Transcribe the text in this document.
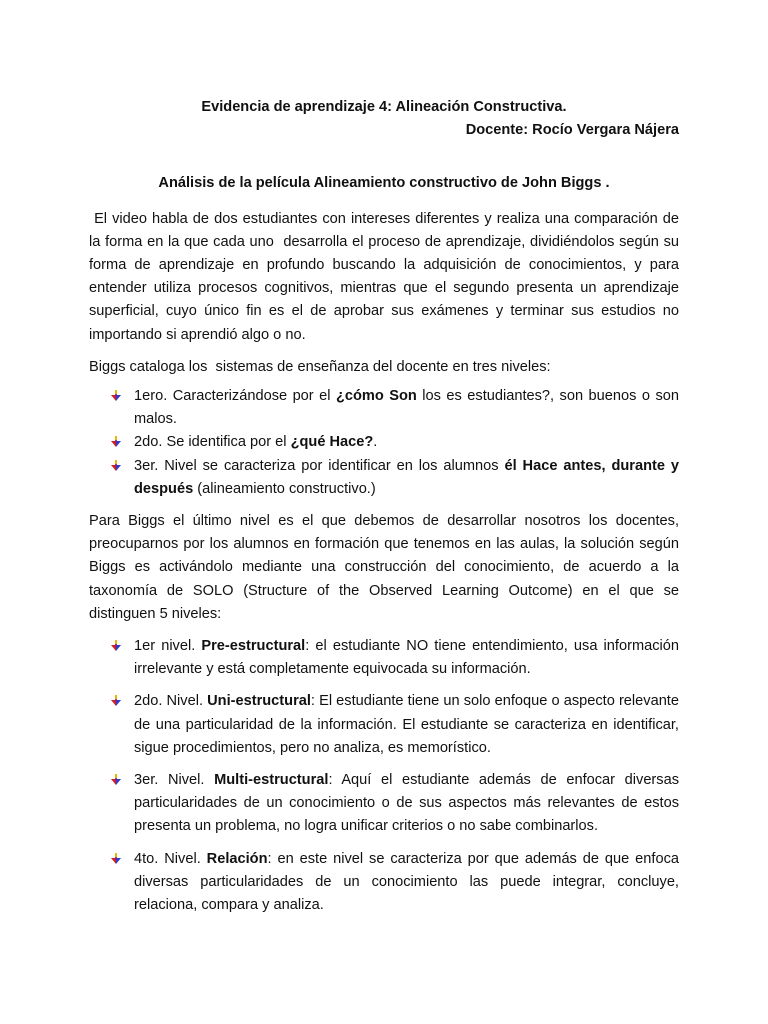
Evidencia de aprendizaje 4: Alineación Constructiva.

Docente: Rocío Vergara Nájera

Análisis de la película Alineamiento constructivo de John Biggs .

El video habla de dos estudiantes con intereses diferentes y realiza una comparación de la forma en la que cada uno  desarrolla el proceso de aprendizaje, dividiéndolos según su forma de aprendizaje en profundo buscando la adquisición de conocimientos, y para entender utiliza procesos cognitivos, mientras que el segundo presenta un aprendizaje superficial, cuyo único fin es el de aprobar sus exámenes y terminar sus estudios no importando si aprendió algo o no.

Biggs cataloga los  sistemas de enseñanza del docente en tres niveles:

1ero. Caracterizándose por el ¿cómo Son los es estudiantes?, son buenos o son malos.
2do. Se identifica por el ¿qué Hace?.
3er. Nivel se caracteriza por identificar en los alumnos él Hace antes, durante y después (alineamiento constructivo.)

Para Biggs el último nivel es el que debemos de desarrollar nosotros los docentes, preocuparnos por los alumnos en formación que tenemos en las aulas, la solución según Biggs es activándolo mediante una construcción del conocimiento, de acuerdo a la taxonomía de SOLO (Structure of the Observed Learning Outcome) en el que se distinguen 5 niveles:

1er nivel. Pre-estructural: el estudiante NO tiene entendimiento, usa información irrelevante y está completamente equivocada su información.
2do. Nivel. Uni-estructural: El estudiante tiene un solo enfoque o aspecto relevante de una particularidad de la información. El estudiante se caracteriza en identificar, sigue procedimientos, pero no analiza, es memorístico.
3er. Nivel. Multi-estructural: Aquí el estudiante además de enfocar diversas particularidades de un conocimiento o de sus aspectos más relevantes de estos presenta un problema, no logra unificar criterios o no sabe combinarlos.
4to. Nivel. Relación: en este nivel se caracteriza por que además de que enfoca diversas particularidades de un conocimiento las puede integrar, concluye, relaciona, compara y analiza.
